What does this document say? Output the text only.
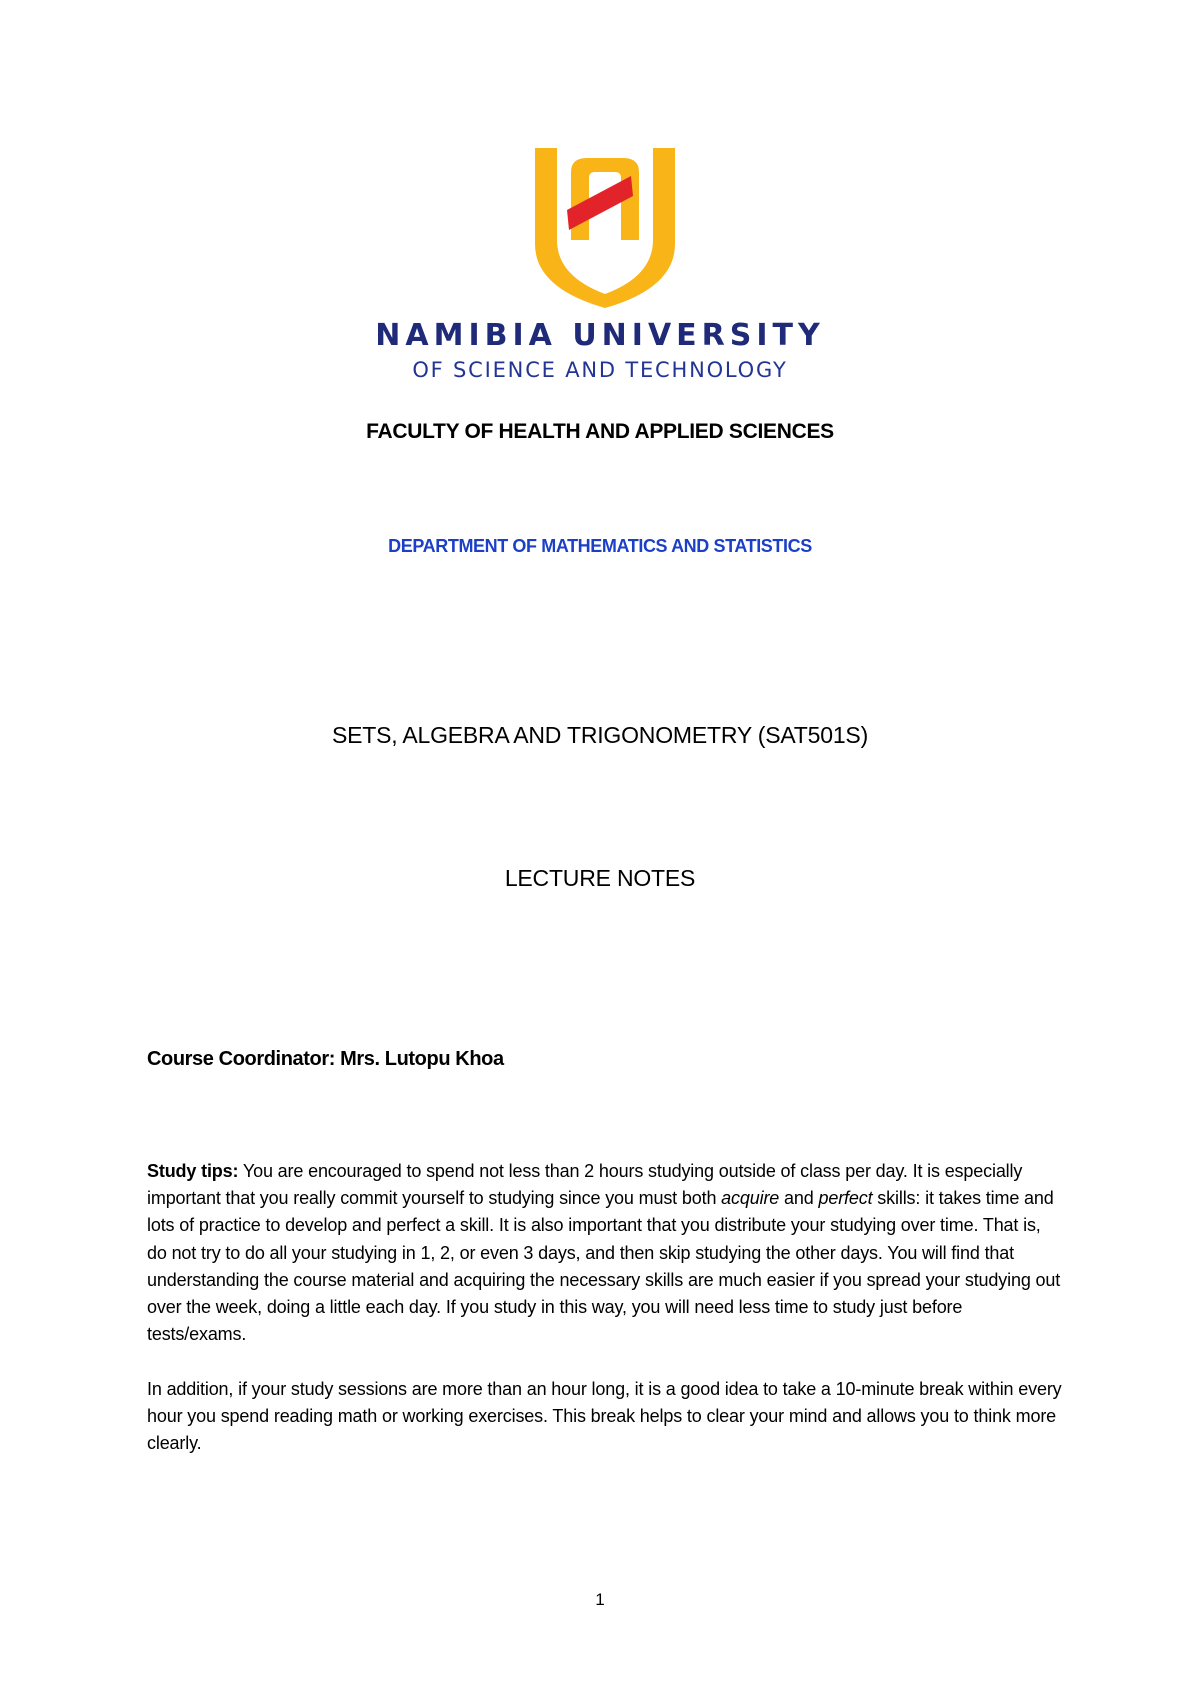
NAMIBIA UNIVERSITY
OF SCIENCE AND TECHNOLOGY
FACULTY OF HEALTH AND APPLIED SCIENCES
DEPARTMENT OF MATHEMATICS AND STATISTICS
SETS, ALGEBRA AND TRIGONOMETRY (SAT501S)
LECTURE NOTES
Course Coordinator: Mrs. Lutopu Khoa

Study tips: You are encouraged to spend not less than 2 hours studying outside of class per day. It is especially important that you really commit yourself to studying since you must both acquire and perfect skills: it takes time and lots of practice to develop and perfect a skill. It is also important that you distribute your studying over time. That is, do not try to do all your studying in 1, 2, or even 3 days, and then skip studying the other days. You will find that understanding the course material and acquiring the necessary skills are much easier if you spread your studying out over the week, doing a little each day. If you study in this way, you will need less time to study just before tests/exams.

In addition, if your study sessions are more than an hour long, it is a good idea to take a 10-minute break within every hour you spend reading math or working exercises. This break helps to clear your mind and allows you to think more clearly.

1
